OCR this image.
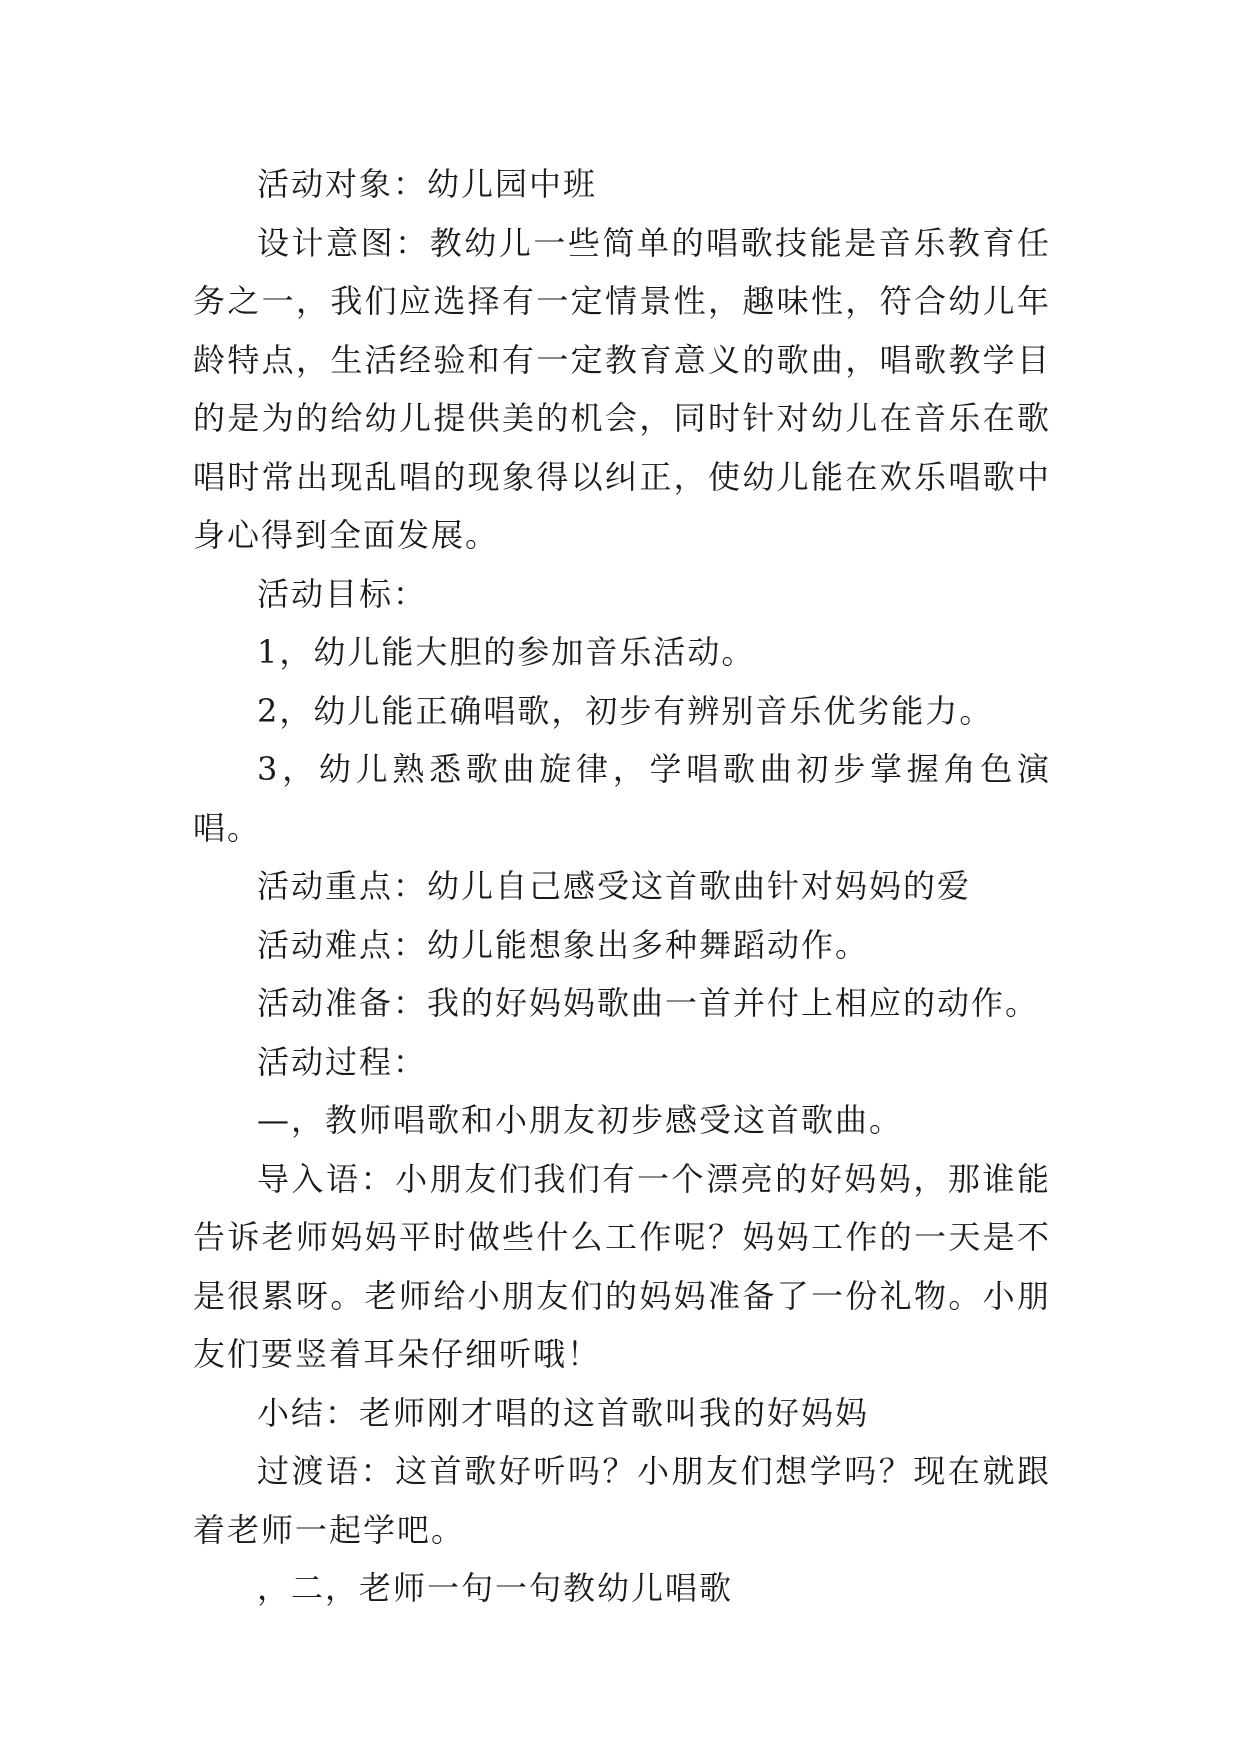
活动对象：幼儿园中班

设计意图：教幼儿一些简单的唱歌技能是音乐教育任务之一，我们应选择有一定情景性，趣味性，符合幼儿年龄特点，生活经验和有一定教育意义的歌曲，唱歌教学目的是为的给幼儿提供美的机会，同时针对幼儿在音乐在歌唱时常出现乱唱的现象得以纠正，使幼儿能在欢乐唱歌中身心得到全面发展。

活动目标：

1，幼儿能大胆的参加音乐活动。

2，幼儿能正确唱歌，初步有辨别音乐优劣能力。

3，幼儿熟悉歌曲旋律，学唱歌曲初步掌握角色演唱。

活动重点：幼儿自己感受这首歌曲针对妈妈的爱

活动难点：幼儿能想象出多种舞蹈动作。

活动准备：我的好妈妈歌曲一首并付上相应的动作。

活动过程：

—，教师唱歌和小朋友初步感受这首歌曲。

导入语：小朋友们我们有一个漂亮的好妈妈，那谁能告诉老师妈妈平时做些什么工作呢？妈妈工作的一天是不是很累呀。老师给小朋友们的妈妈准备了一份礼物。小朋友们要竖着耳朵仔细听哦！

小结：老师刚才唱的这首歌叫我的好妈妈

过渡语：这首歌好听吗？小朋友们想学吗？现在就跟着老师一起学吧。

，二，老师一句一句教幼儿唱歌
